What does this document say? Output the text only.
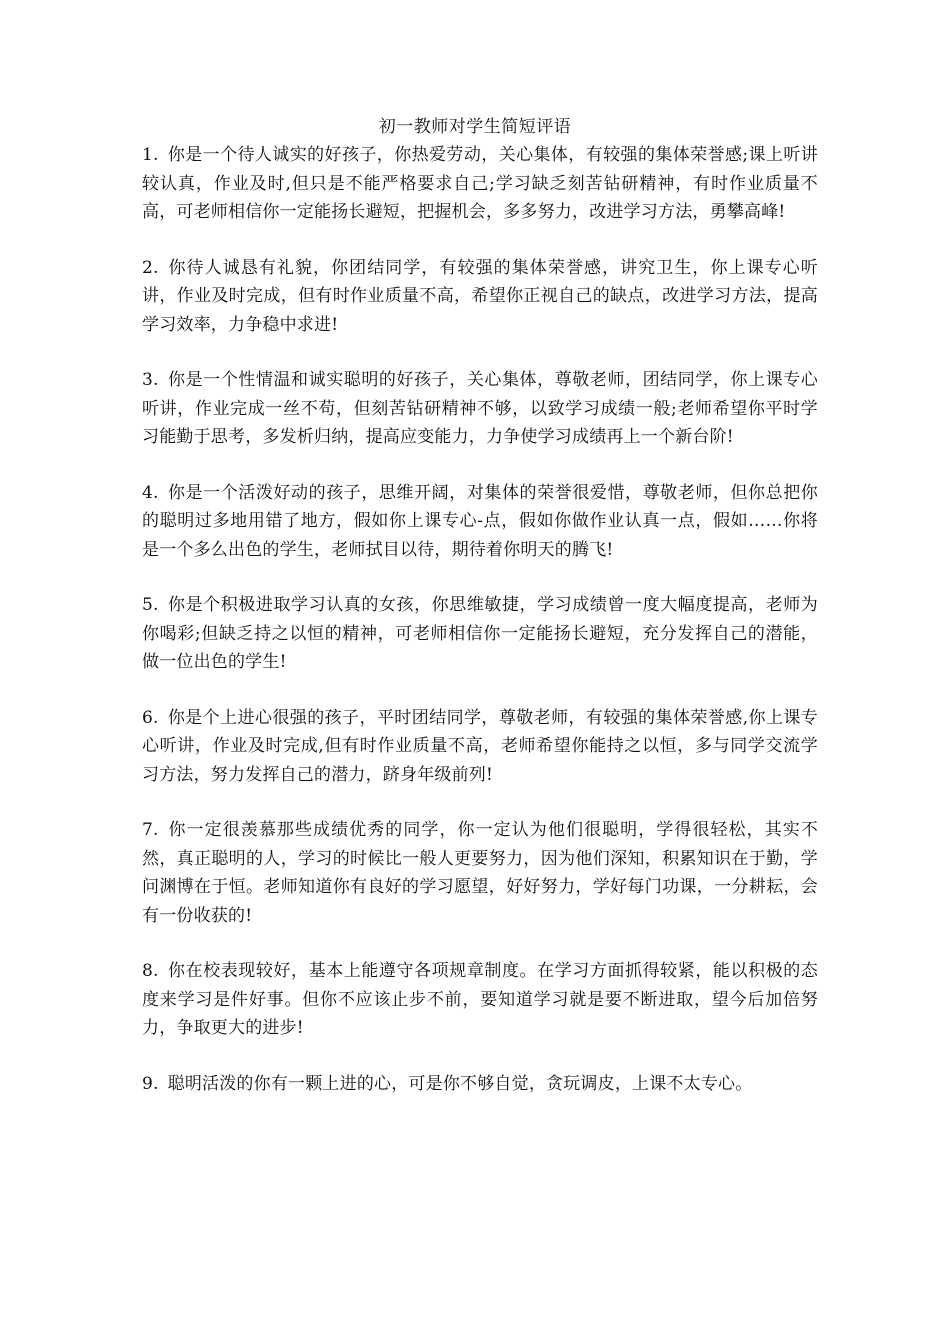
初一教师对学生简短评语

1. 你是一个待人诚实的好孩子，你热爱劳动，关心集体，有较强的集体荣誉感;课上听讲较认真，作业及时,但只是不能严格要求自己;学习缺乏刻苦钻研精神，有时作业质量不高，可老师相信你一定能扬长避短，把握机会，多多努力，改进学习方法，勇攀高峰!

2. 你待人诚恳有礼貌，你团结同学，有较强的集体荣誉感，讲究卫生，你上课专心听讲，作业及时完成，但有时作业质量不高，希望你正视自己的缺点，改进学习方法，提高学习效率，力争稳中求进!

3. 你是一个性情温和诚实聪明的好孩子，关心集体，尊敬老师，团结同学，你上课专心听讲，作业完成一丝不苟，但刻苦钻研精神不够，以致学习成绩一般;老师希望你平时学习能勤于思考，多发析归纳，提高应变能力，力争使学习成绩再上一个新台阶!

4. 你是一个活泼好动的孩子，思维开阔，对集体的荣誉很爱惜，尊敬老师，但你总把你的聪明过多地用错了地方，假如你上课专心-点，假如你做作业认真一点，假如……你将是一个多么出色的学生，老师拭目以待，期待着你明天的腾飞!

5. 你是个积极进取学习认真的女孩，你思维敏捷，学习成绩曾一度大幅度提高，老师为你喝彩;但缺乏持之以恒的精神，可老师相信你一定能扬长避短，充分发挥自己的潜能，做一位出色的学生!

6. 你是个上进心很强的孩子，平时团结同学，尊敬老师，有较强的集体荣誉感,你上课专心听讲，作业及时完成,但有时作业质量不高，老师希望你能持之以恒，多与同学交流学习方法，努力发挥自己的潜力，跻身年级前列!

7. 你一定很羡慕那些成绩优秀的同学，你一定认为他们很聪明，学得很轻松，其实不然，真正聪明的人，学习的时候比一般人更要努力，因为他们深知，积累知识在于勤，学问渊博在于恒。老师知道你有良好的学习愿望，好好努力，学好每门功课，一分耕耘，会有一份收获的!

8. 你在校表现较好，基本上能遵守各项规章制度。在学习方面抓得较紧，能以积极的态度来学习是件好事。但你不应该止步不前，要知道学习就是要不断进取，望今后加倍努力，争取更大的进步!

9. 聪明活泼的你有一颗上进的心，可是你不够自觉，贪玩调皮，上课不太专心。
